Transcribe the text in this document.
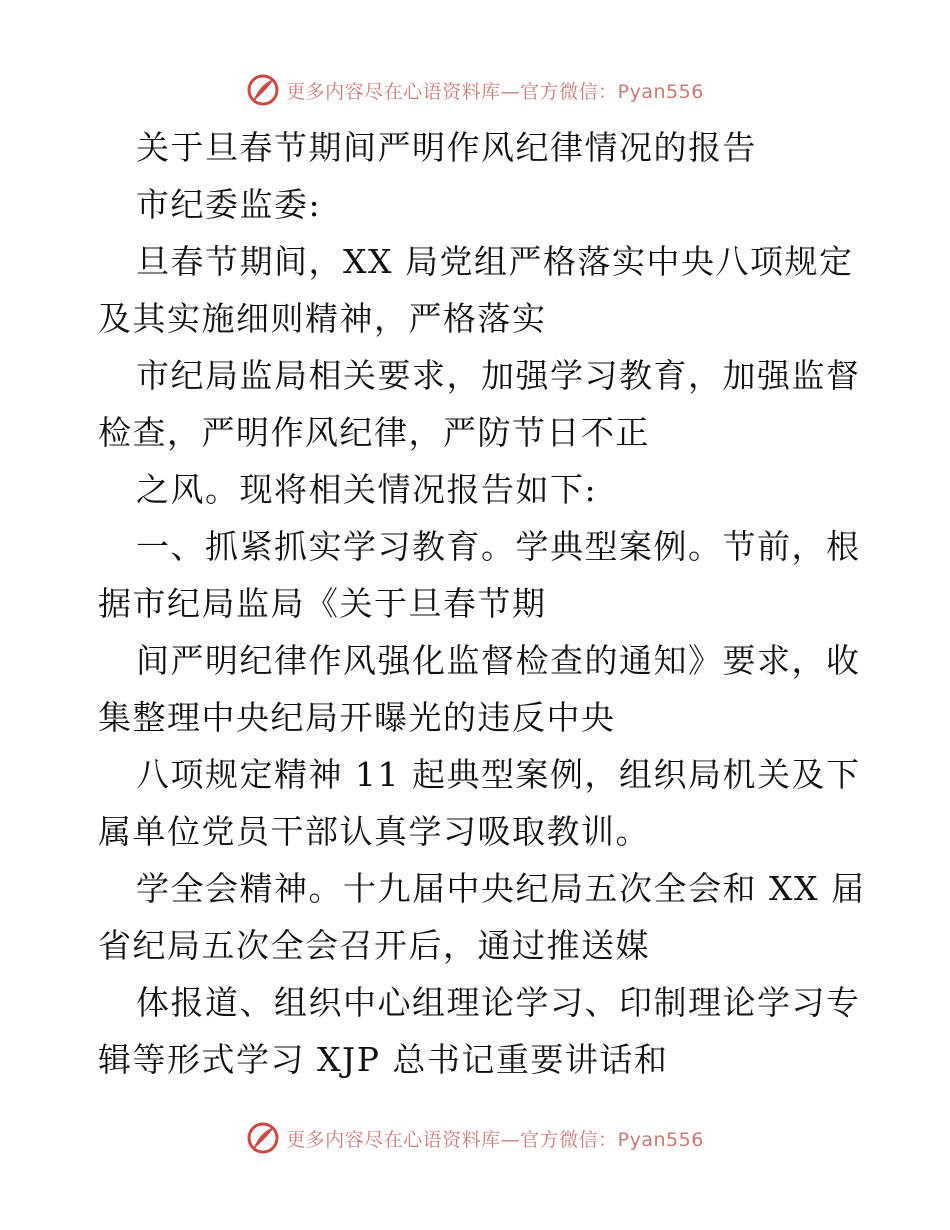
更多内容尽在心语资料库—官方微信：Pyan556
关于旦春节期间严明作风纪律情况的报告
市纪委监委:
旦春节期间，XX 局党组严格落实中央八项规定
及其实施细则精神，严格落实
市纪局监局相关要求，加强学习教育，加强监督
检查，严明作风纪律，严防节日不正
之风。现将相关情况报告如下:
一、抓紧抓实学习教育。学典型案例。节前，根
据市纪局监局《关于旦春节期
间严明纪律作风强化监督检查的通知》要求，收
集整理中央纪局开曝光的违反中央
八项规定精神 11 起典型案例，组织局机关及下
属单位党员干部认真学习吸取教训。
学全会精神。十九届中央纪局五次全会和 XX 届
省纪局五次全会召开后，通过推送媒
体报道、组织中心组理论学习、印制理论学习专
辑等形式学习 XJP 总书记重要讲话和
更多内容尽在心语资料库—官方微信：Pyan556
